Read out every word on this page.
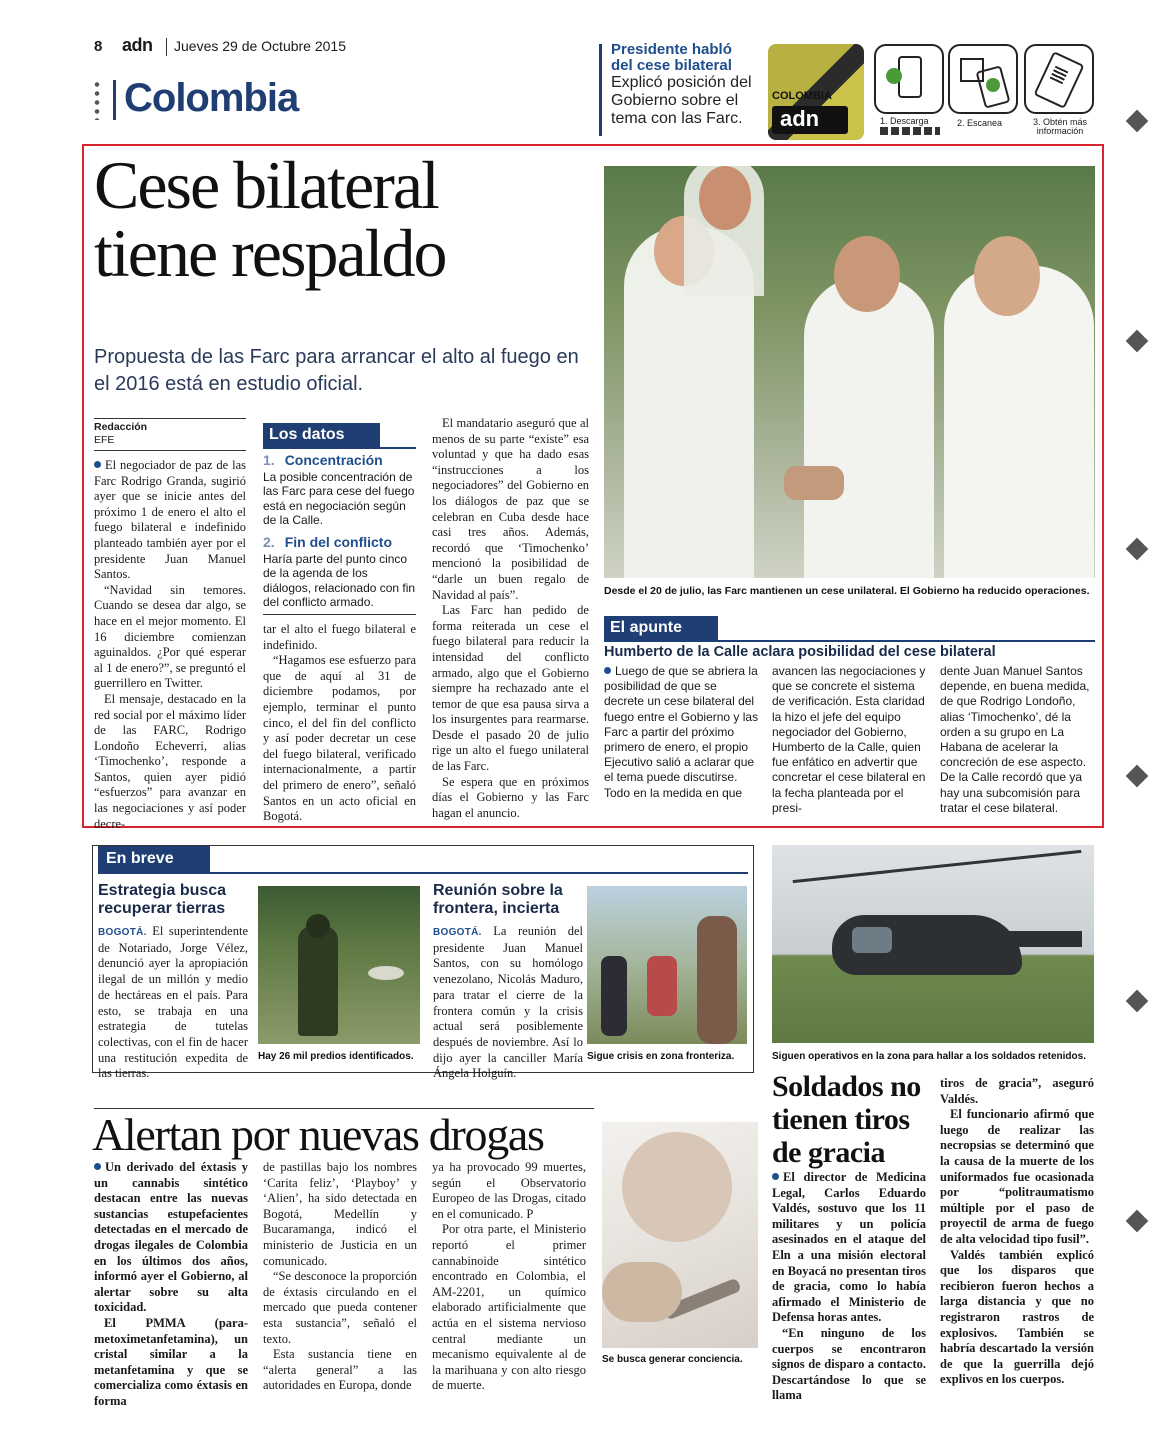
8 adn Jueves 29 de Octubre 2015
Colombia
Presidente habló del cese bilateral
Explicó posición del Gobierno sobre el tema con las Farc.
COLOMBIA
adn	1. Descarga	2. Escanea	3. Obtén más información
Cese bilateral
tiene respaldo
Propuesta de las Farc para arrancar el alto al fuego en el 2016 está en estudio oficial.
Redacción
EFE

El negociador de paz de las Farc Rodrigo Granda, sugirió ayer que se inicie antes del próximo 1 de enero el alto el fuego bilateral e indefinido planteado también ayer por el presidente Juan Manuel Santos.

“Navidad sin temores. Cuando se desea dar algo, se hace en el mejor momento. El 16 diciembre comienzan aguinaldos. ¿Por qué esperar al 1 de enero?”, se preguntó el guerrillero en Twitter.

El mensaje, destacado en la red social por el máximo líder de las FARC, Rodrigo Londoño Echeverri, alias ‘Timochenko’, responde a Santos, quien ayer pidió “esfuerzos” para avanzar en las negociaciones y así poder decre-

Los datos
1. Concentración
La posible concentración de las Farc para cese del fuego está en negociación según de la Calle.
2. Fin del conflicto
Haría parte del punto cinco de la agenda de los diálogos, relacionado con fin del conflicto armado.

tar el alto el fuego bilateral e indefinido.

“Hagamos ese esfuerzo para que de aquí al 31 de diciembre podamos, por ejemplo, terminar el punto cinco, el del fin del conflicto y así poder decretar un cese del fuego bilateral, verificado internacionalmente, a partir del primero de enero”, señaló Santos en un acto oficial en Bogotá.

El mandatario aseguró que al menos de su parte “existe” esa voluntad y que ha dado esas “instrucciones a los negociadores” del Gobierno en los diálogos de paz que se celebran en Cuba desde hace casi tres años. Además, recordó que ‘Timochenko’ mencionó la posibilidad de “darle un buen regalo de Navidad al país”.

Las Farc han pedido de forma reiterada un cese el fuego bilateral para reducir la intensidad del conflicto armado, algo que el Gobierno siempre ha rechazado ante el temor de que esa pausa sirva a los insurgentes para rearmarse. Desde el pasado 20 de julio rige un alto el fuego unilateral de las Farc.

Se espera que en próximos días el Gobierno y las Farc hagan el anuncio.

Desde el 20 de julio, las Farc mantienen un cese unilateral. El Gobierno ha reducido operaciones.
El apunte
Humberto de la Calle aclara posibilidad del cese bilateral
Luego de que se abriera la posibilidad de que se decrete un cese bilateral del fuego entre el Gobierno y las Farc a partir del próximo primero de enero, el propio Ejecutivo salió a aclarar que el tema puede discutirse.
Todo en la medida en que
avancen las negociaciones y que se concrete el sistema de verificación. Esta claridad la hizo el jefe del equipo negociador del Gobierno, Humberto de la Calle, quien fue enfático en advertir que concretar el cese bilateral en la fecha planteada por el presi-
dente Juan Manuel Santos depende, en buena medida, de que Rodrigo Londoño, alias ‘Timochenko’, dé la orden a su grupo en La Habana de acelerar la concreción de ese aspecto.
De la Calle recordó que ya hay una subcomisión para tratar el cese bilateral.
En breve
Estrategia busca recuperar tierras
BOGOTÁ. El superintendente de Notariado, Jorge Vélez, denunció ayer la apropiación ilegal de un millón y medio de hectáreas en el país. Para esto, se trabaja en una estrategia de tutelas colectivas, con el fin de hacer una restitución expedita de las tierras.
Hay 26 mil predios identificados.
Reunión sobre la frontera, incierta
BOGOTÁ. La reunión del presidente Juan Manuel Santos, con su homólogo venezolano, Nicolás Maduro, para tratar el cierre de la frontera común y la crisis actual será posiblemente después de noviembre. Así lo dijo ayer la canciller María Ángela Holguín.
Sigue crisis en zona fronteriza.	Siguen operativos en la zona para hallar a los soldados retenidos.
Alertan por nuevas drogas

Un derivado del éxtasis y un cannabis sintético destacan entre las nuevas sustancias estupefacientes detectadas en el mercado de drogas ilegales de Colombia en los últimos dos años, informó ayer el Gobierno, al alertar sobre su alta toxicidad.

El PMMA (para-metoximetanfetamina), un cristal similar a la metanfetamina y que se comercializa como éxtasis en forma

de pastillas bajo los nombres ‘Carita feliz’, ‘Playboy’ y ‘Alien’, ha sido detectada en Bogotá, Medellín y Bucaramanga, indicó el ministerio de Justicia en un comunicado.

“Se desconoce la proporción de éxtasis circulando en el mercado que pueda contener esta sustancia”, señaló el texto.

Esta sustancia tiene en “alerta general” a las autoridades en Europa, donde

ya ha provocado 99 muertes, según el Observatorio Europeo de las Drogas, citado en el comunicado. P

Por otra parte, el Ministerio reportó el primer cannabinoide sintético encontrado en Colombia, el AM-2201, un químico elaborado artificialmente que actúa en el sistema nervioso central mediante un mecanismo equivalente al de la marihuana y con alto riesgo de muerte.

Se busca generar conciencia.
Soldados no tienen tiros de gracia

El director de Medicina Legal, Carlos Eduardo Valdés, sostuvo que los 11 militares y un policía asesinados en el ataque del Eln a una misión electoral en Boyacá no presentan tiros de gracia, como lo había afirmado el Ministerio de Defensa horas antes.

“En ninguno de los cuerpos se encontraron signos de disparo a contacto. Descartándose lo que se llama

tiros de gracia”, aseguró Valdés.

El funcionario afirmó que luego de realizar las necropsias se determinó que la causa de la muerte de los uniformados fue ocasionada por “politraumatismo múltiple por el paso de proyectil de arma de fuego de alta velocidad tipo fusil”.

Valdés también explicó que los disparos que recibieron fueron hechos a larga distancia y que no registraron rastros de explosivos. También se habría descartado la versión de que la guerrilla dejó explivos en los cuerpos.
